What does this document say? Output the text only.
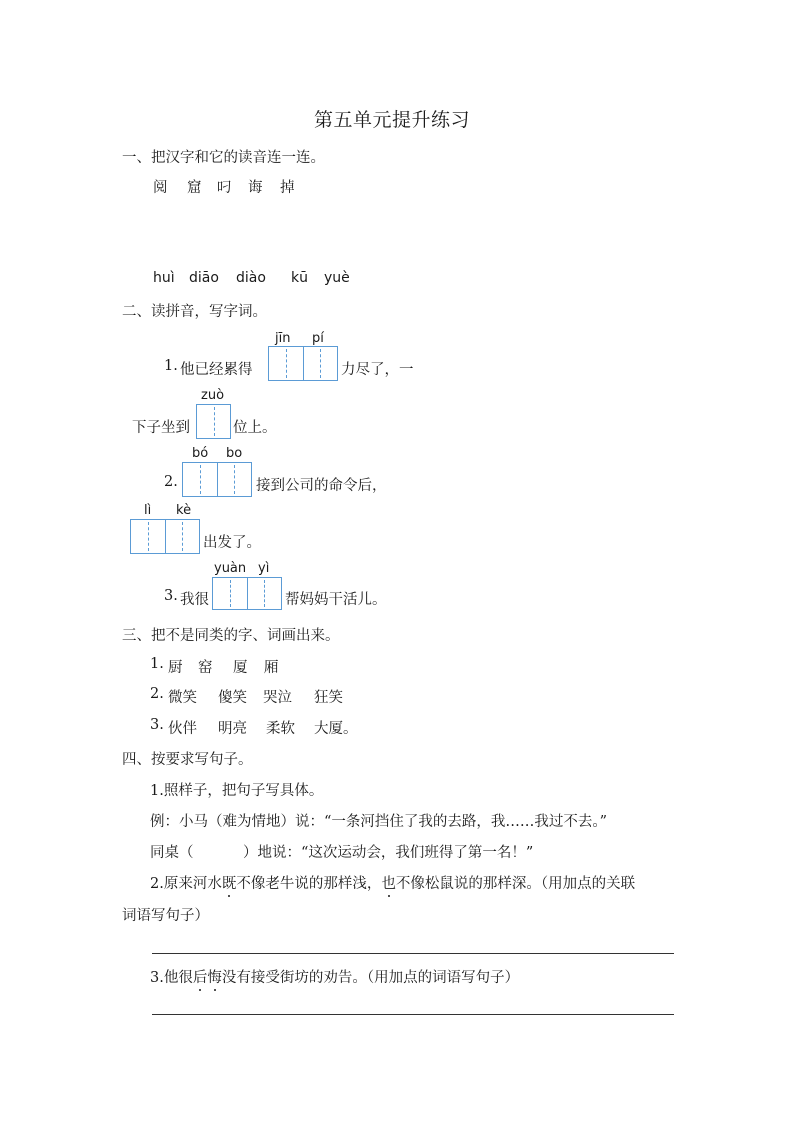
第五单元提升练习
一、把汉字和它的读音连一连。
阅 窟 叼 诲 掉
huì diāo diào kū yuè
二、读拼音，写字词。
jīn pí
1. 他已经累得	力尽了，一
zuò
下子坐到	位上。
bó bo
2.	接到公司的命令后，
lì kè
出发了。
yuàn yì
3. 我很	帮妈妈干活儿。
三、把不是同类的字、词画出来。
1. 厨 窑 厦 厢
2. 微笑 傻笑 哭泣 狂笑
3. 伙伴 明亮 柔软 大厦。
四、按要求写句子。
1.照样子，把句子写具体。
例：小马（难为情地）说：“一条河挡住了我的去路，我……我过不去。”
同桌（	）地说：“这次运动会，我们班得了第一名！”
2.原来河水既不像老牛说的那样浅，也不像松鼠说的那样深。（用加点的关联
词语写句子）
3.他很后悔没有接受街坊的劝告。（用加点的词语写句子）
